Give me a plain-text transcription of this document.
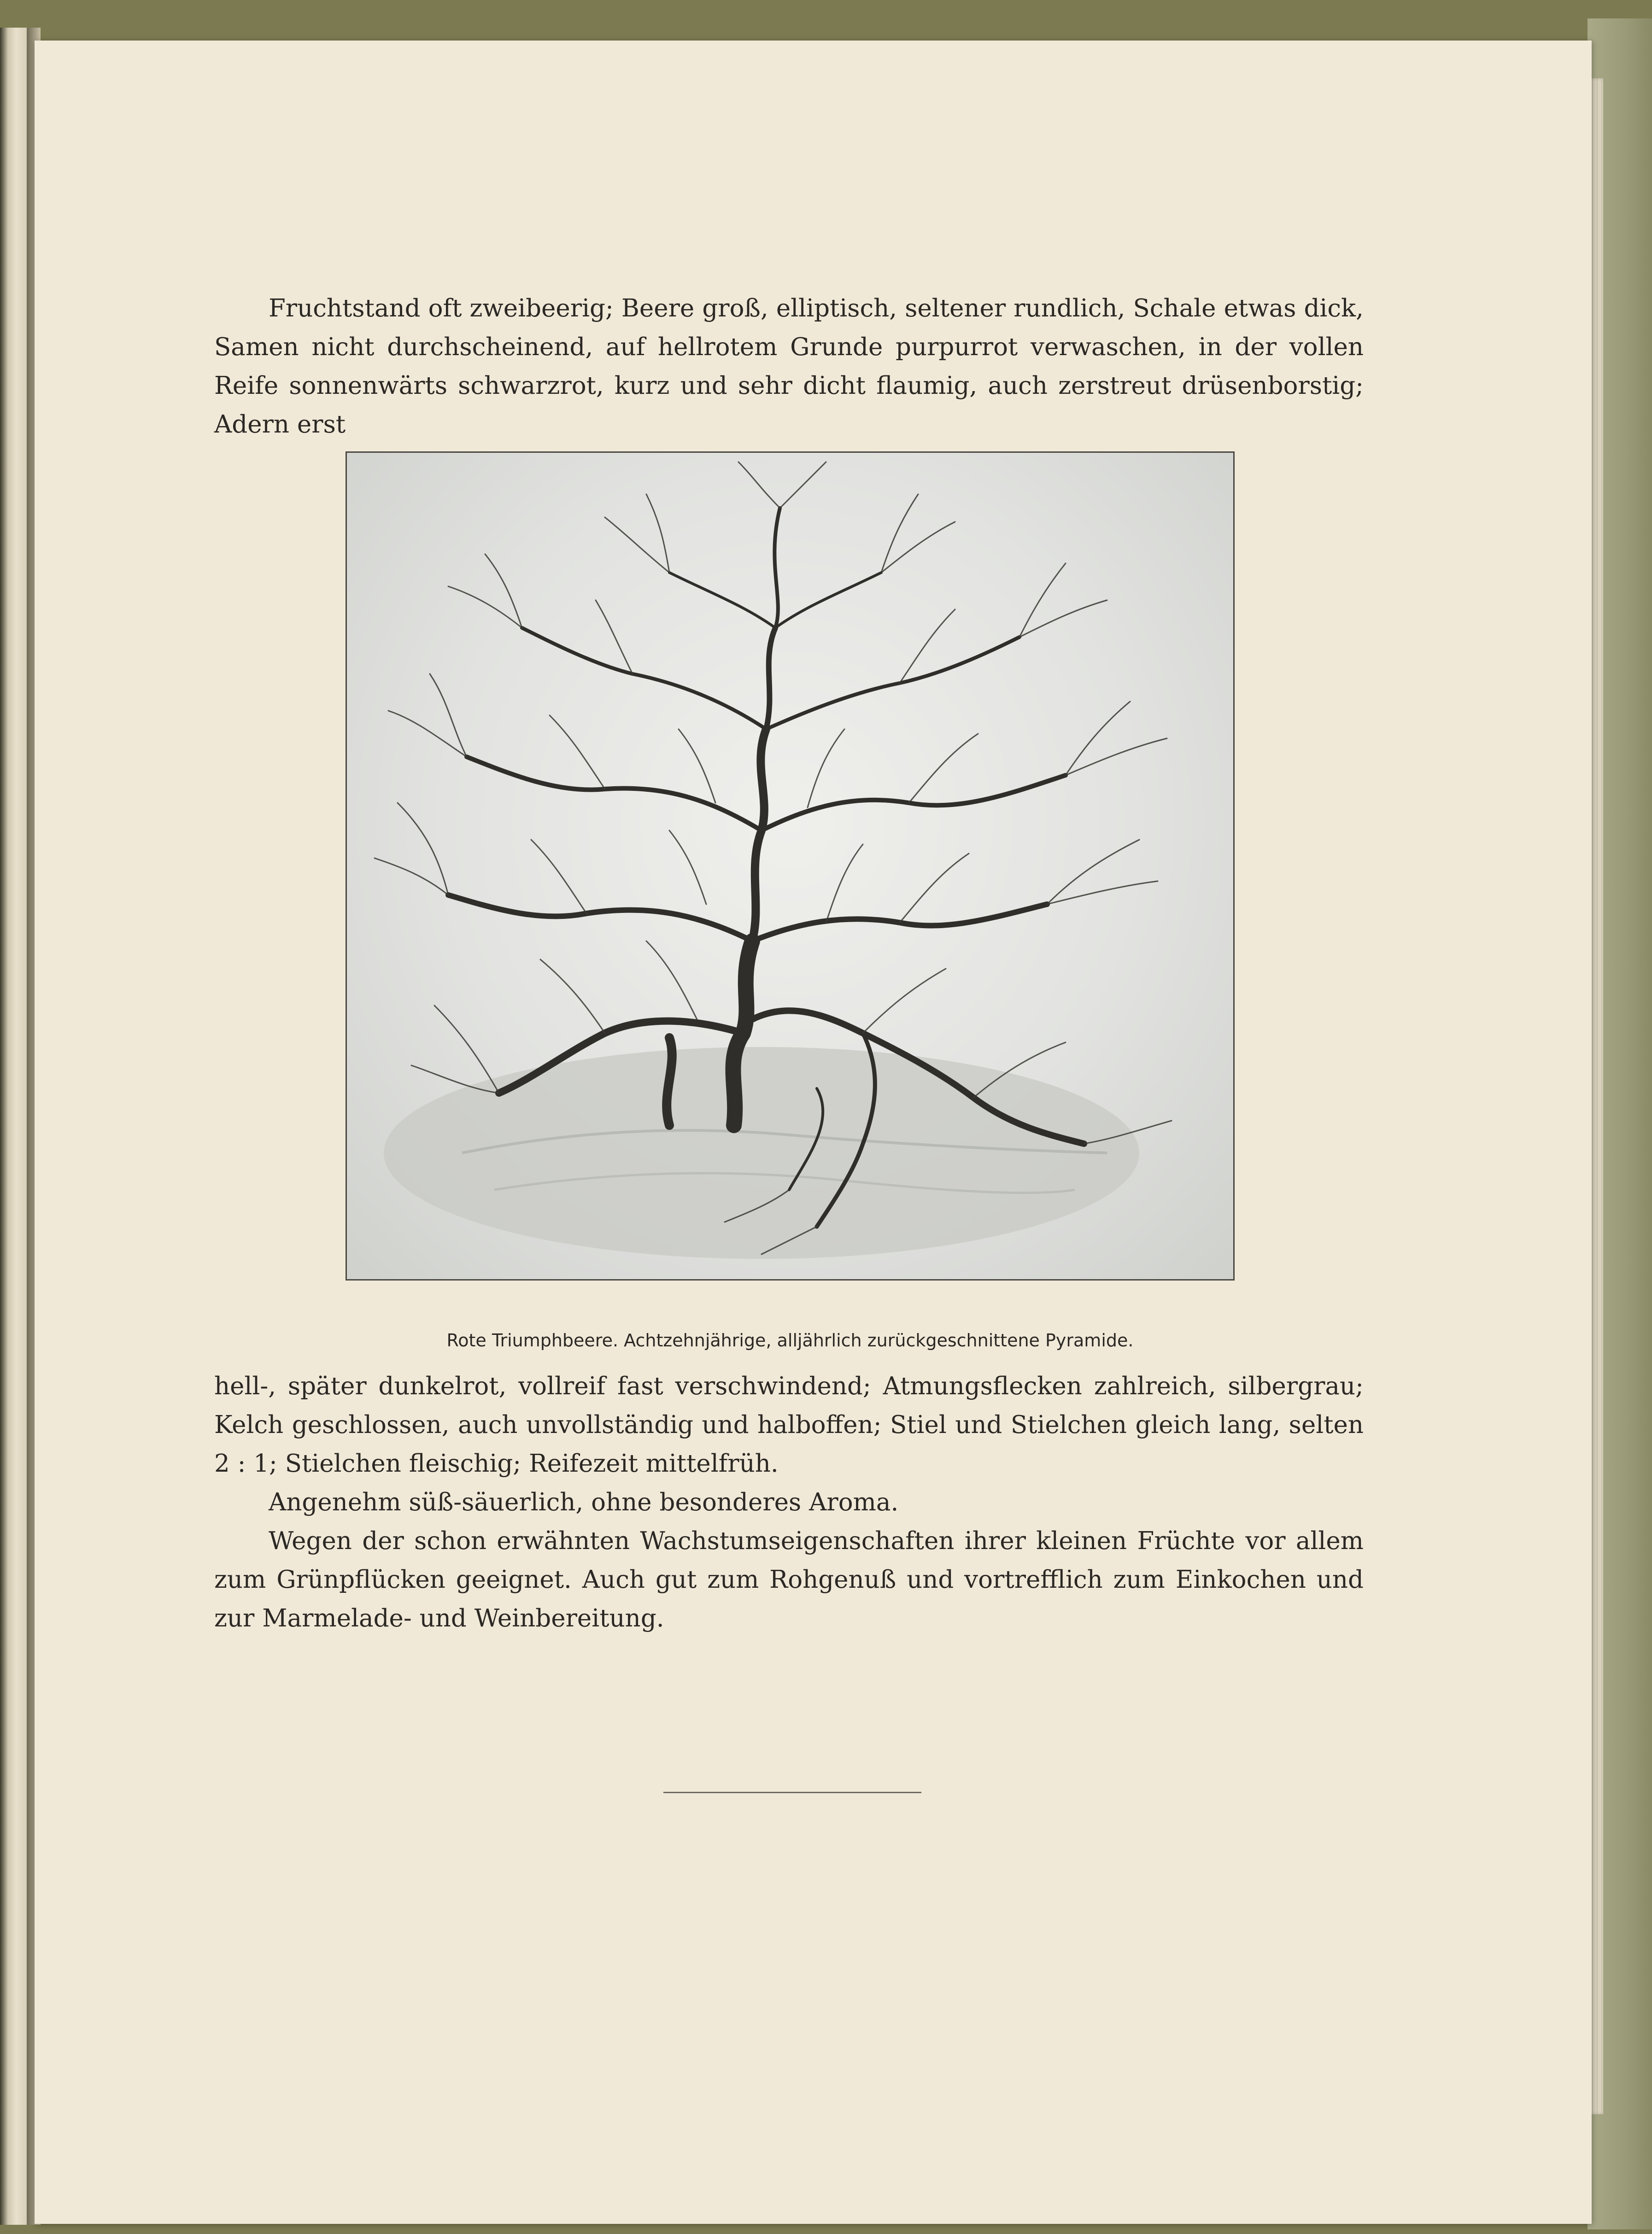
Fruchtstand oft zweibeerig; Beere groß, elliptisch, seltener rundlich, Schale etwas dick, Samen nicht durchscheinend, auf hellrotem Grunde purpurrot verwaschen, in der vollen Reife sonnenwärts schwarzrot, kurz und sehr dicht flaumig, auch zerstreut drüsenborstig; Adern erst

Rote Triumphbeere. Achtzehnjährige, alljährlich zurückgeschnittene Pyramide.

hell-, später dunkelrot, vollreif fast verschwindend; Atmungsflecken zahlreich, silbergrau; Kelch geschlossen, auch unvollständig und halboffen; Stiel und Stielchen gleich lang, selten 2 : 1; Stielchen fleischig; Reifezeit mittelfrüh.

Angenehm süß-säuerlich, ohne besonderes Aroma.

Wegen der schon erwähnten Wachstumseigenschaften ihrer kleinen Früchte vor allem zum Grünpflücken geeignet. Auch gut zum Rohgenuß und vortrefflich zum Einkochen und zur Marmelade- und Weinbereitung.
